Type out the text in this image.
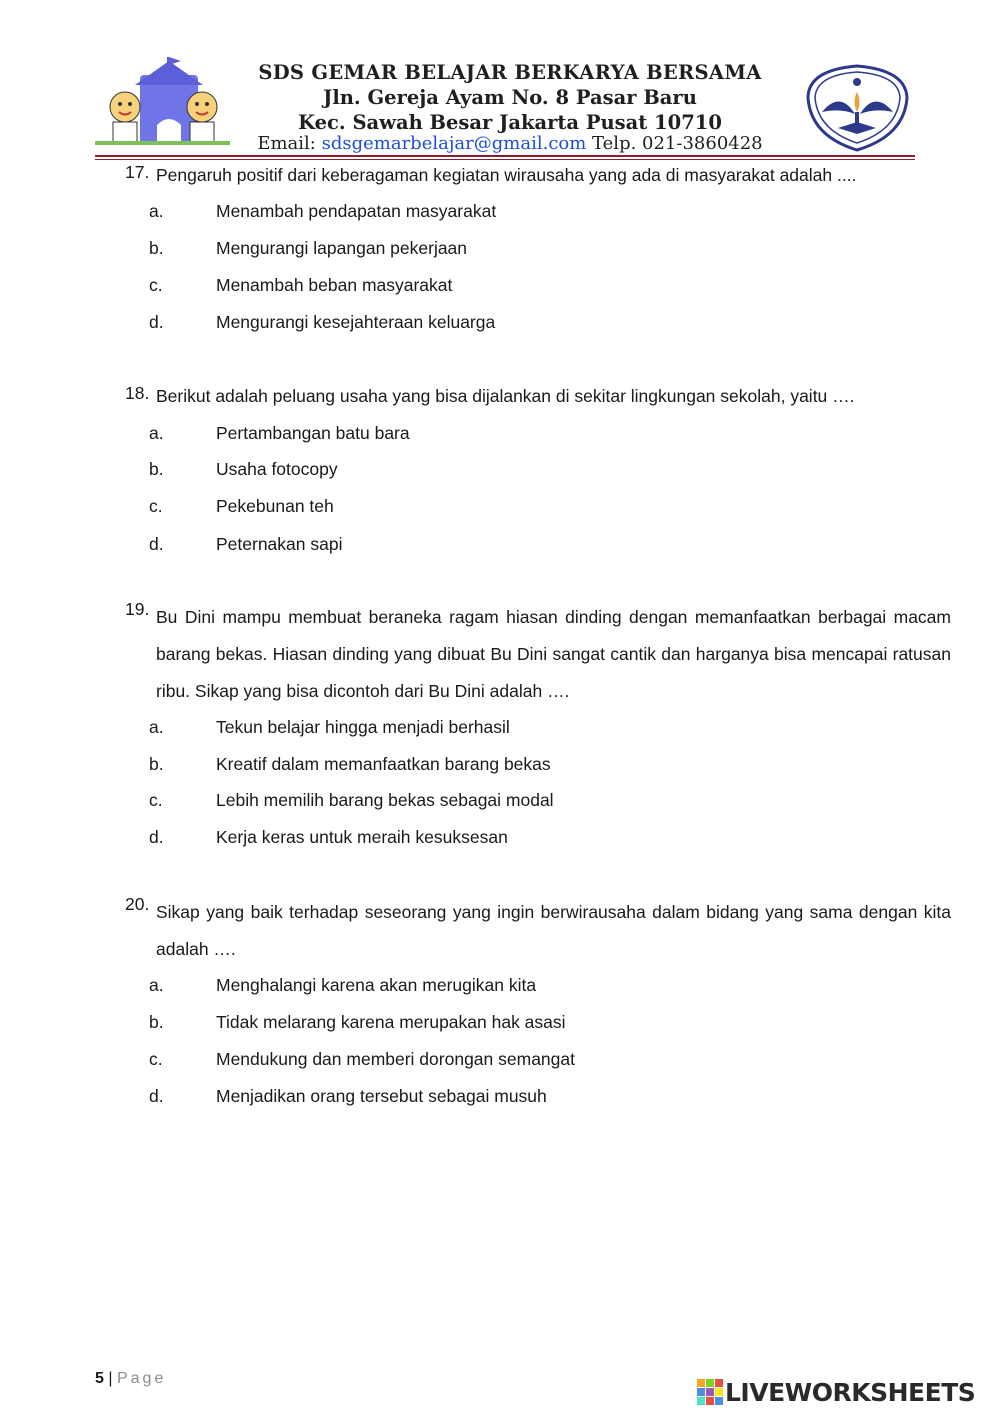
SDS GEMAR BELAJAR BERKARYA BERSAMA
Jln. Gereja Ayam No. 8 Pasar Baru
Kec. Sawah Besar Jakarta Pusat 10710
Email: sdsgemarbelajar@gmail.com Telp. 021-3860428
17. Pengaruh positif dari keberagaman kegiatan wirausaha yang ada di masyarakat adalah ....
a.	Menambah pendapatan masyarakat
b.	Mengurangi lapangan pekerjaan
c.	Menambah beban masyarakat
d.	Mengurangi kesejahteraan keluarga
18. Berikut adalah peluang usaha yang bisa dijalankan di sekitar lingkungan sekolah, yaitu ….
a.	Pertambangan batu bara
b.	Usaha fotocopy
c.	Pekebunan teh
d.	Peternakan sapi
19. Bu Dini mampu membuat beraneka ragam hiasan dinding dengan memanfaatkan berbagai macam barang bekas. Hiasan dinding yang dibuat Bu Dini sangat cantik dan harganya bisa mencapai ratusan ribu. Sikap yang bisa dicontoh dari Bu Dini adalah ….
a.	Tekun belajar hingga menjadi berhasil
b.	Kreatif dalam memanfaatkan barang bekas
c.	Lebih memilih barang bekas sebagai modal
d.	Kerja keras untuk meraih kesuksesan
20. Sikap yang baik terhadap seseorang yang ingin berwirausaha dalam bidang yang sama dengan kita adalah ….
a.	Menghalangi karena akan merugikan kita
b.	Tidak melarang karena merupakan hak asasi
c.	Mendukung dan memberi dorongan semangat
d.	Menjadikan orang tersebut sebagai musuh
5 | Page	LIVEWORKSHEETS
